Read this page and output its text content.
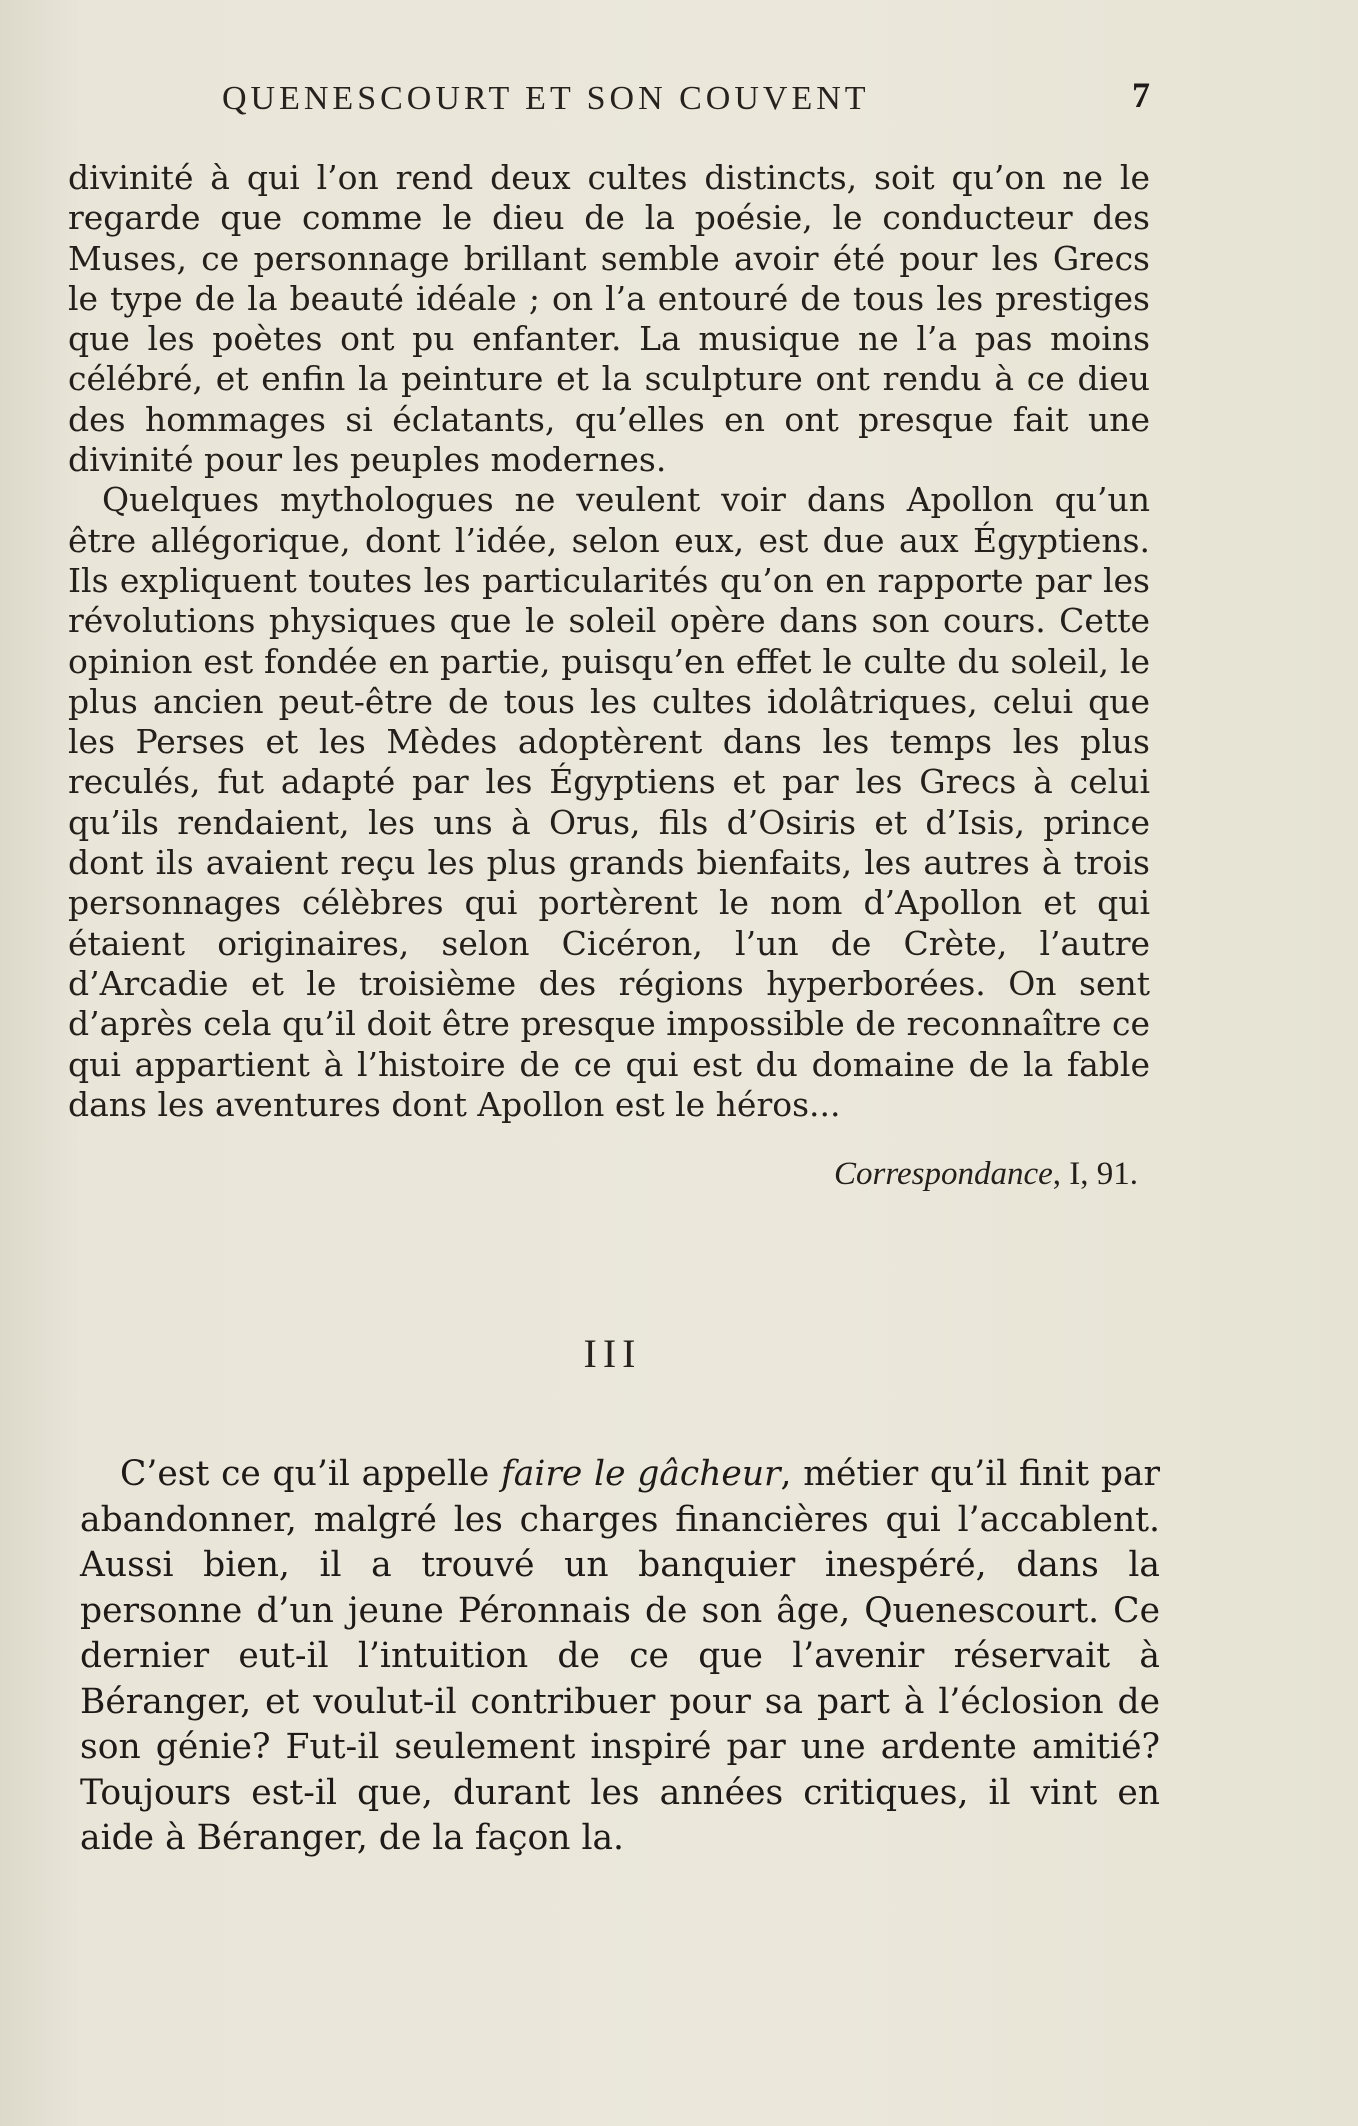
QUENESCOURT ET SON COUVENT	7

divinité à qui l’on rend deux cultes distincts, soit qu’on ne le regarde que comme le dieu de la poésie, le conducteur des Muses, ce personnage brillant semble avoir été pour les Grecs le type de la beauté idéale ; on l’a entouré de tous les prestiges que les poètes ont pu enfanter. La musique ne l’a pas moins célébré, et enfin la peinture et la sculpture ont rendu à ce dieu des hommages si éclatants, qu’elles en ont presque fait une divinité pour les peuples modernes.

Quelques mythologues ne veulent voir dans Apollon qu’un être allégorique, dont l’idée, selon eux, est due aux Égyptiens. Ils expliquent toutes les particularités qu’on en rapporte par les révolutions physiques que le soleil opère dans son cours. Cette opinion est fondée en partie, puisqu’en effet le culte du soleil, le plus ancien peut-être de tous les cultes idolâtriques, celui que les Perses et les Mèdes adoptèrent dans les temps les plus reculés, fut adapté par les Égyptiens et par les Grecs à celui qu’ils rendaient, les uns à Orus, fils d’Osiris et d’Isis, prince dont ils avaient reçu les plus grands bienfaits, les autres à trois personnages célèbres qui portèrent le nom d’Apollon et qui étaient originaires, selon Cicéron, l’un de Crète, l’autre d’Arcadie et le troisième des régions hyperborées. On sent d’après cela qu’il doit être presque impossible de reconnaître ce qui appartient à l’histoire de ce qui est du domaine de la fable dans les aventures dont Apollon est le héros...

Correspondance, I, 91.
III

C’est ce qu’il appelle faire le gâcheur, métier qu’il finit par abandonner, malgré les charges financières qui l’accablent. Aussi bien, il a trouvé un banquier inespéré, dans la personne d’un jeune Péronnais de son âge, Quenescourt. Ce dernier eut-il l’intuition de ce que l’avenir réservait à Béranger, et voulut-il contribuer pour sa part à l’éclosion de son génie? Fut-il seulement inspiré par une ardente amitié? Toujours est-il que, durant les années critiques, il vint en aide à Béranger, de la façon la.
